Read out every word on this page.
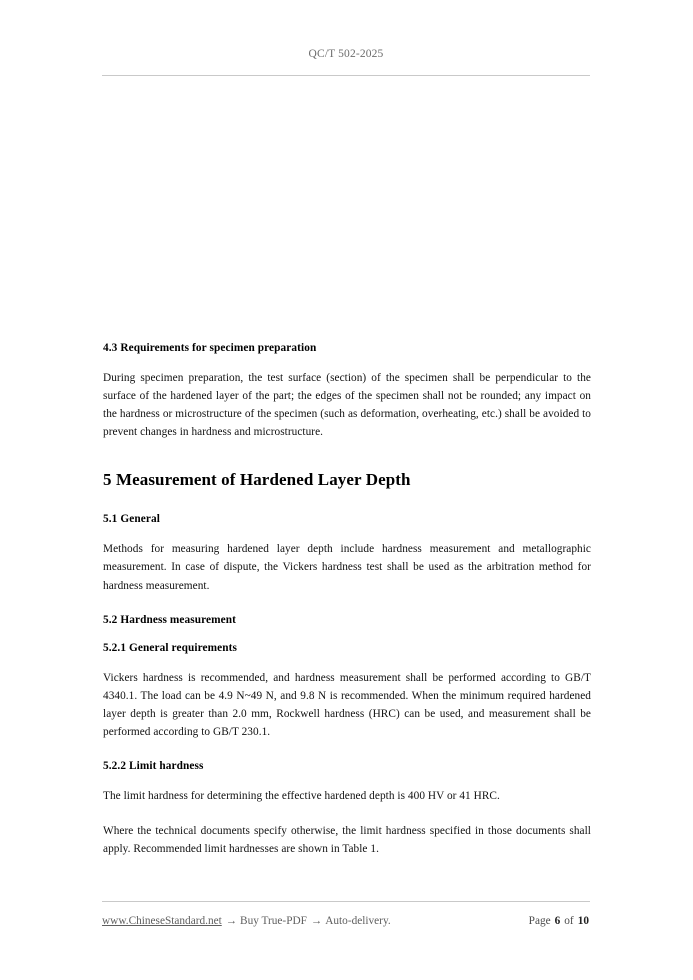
QC/T 502-2025
4.3 Requirements for specimen preparation

During specimen preparation, the test surface (section) of the specimen shall be perpendicular to the surface of the hardened layer of the part; the edges of the specimen shall not be rounded; any impact on the hardness or microstructure of the specimen (such as deformation, overheating, etc.) shall be avoided to prevent changes in hardness and microstructure.

5 Measurement of Hardened Layer Depth
5.1 General

Methods for measuring hardened layer depth include hardness measurement and metallographic measurement. In case of dispute, the Vickers hardness test shall be used as the arbitration method for hardness measurement.

5.2 Hardness measurement
5.2.1 General requirements

Vickers hardness is recommended, and hardness measurement shall be performed according to GB/T 4340.1. The load can be 4.9 N~49 N, and 9.8 N is recommended. When the minimum required hardened layer depth is greater than 2.0 mm, Rockwell hardness (HRC) can be used, and measurement shall be performed according to GB/T 230.1.

5.2.2 Limit hardness

The limit hardness for determining the effective hardened depth is 400 HV or 41 HRC.

Where the technical documents specify otherwise, the limit hardness specified in those documents shall apply. Recommended limit hardnesses are shown in Table 1.

www.ChineseStandard.net → Buy True-PDF → Auto-delivery.	Page 6 of 10
